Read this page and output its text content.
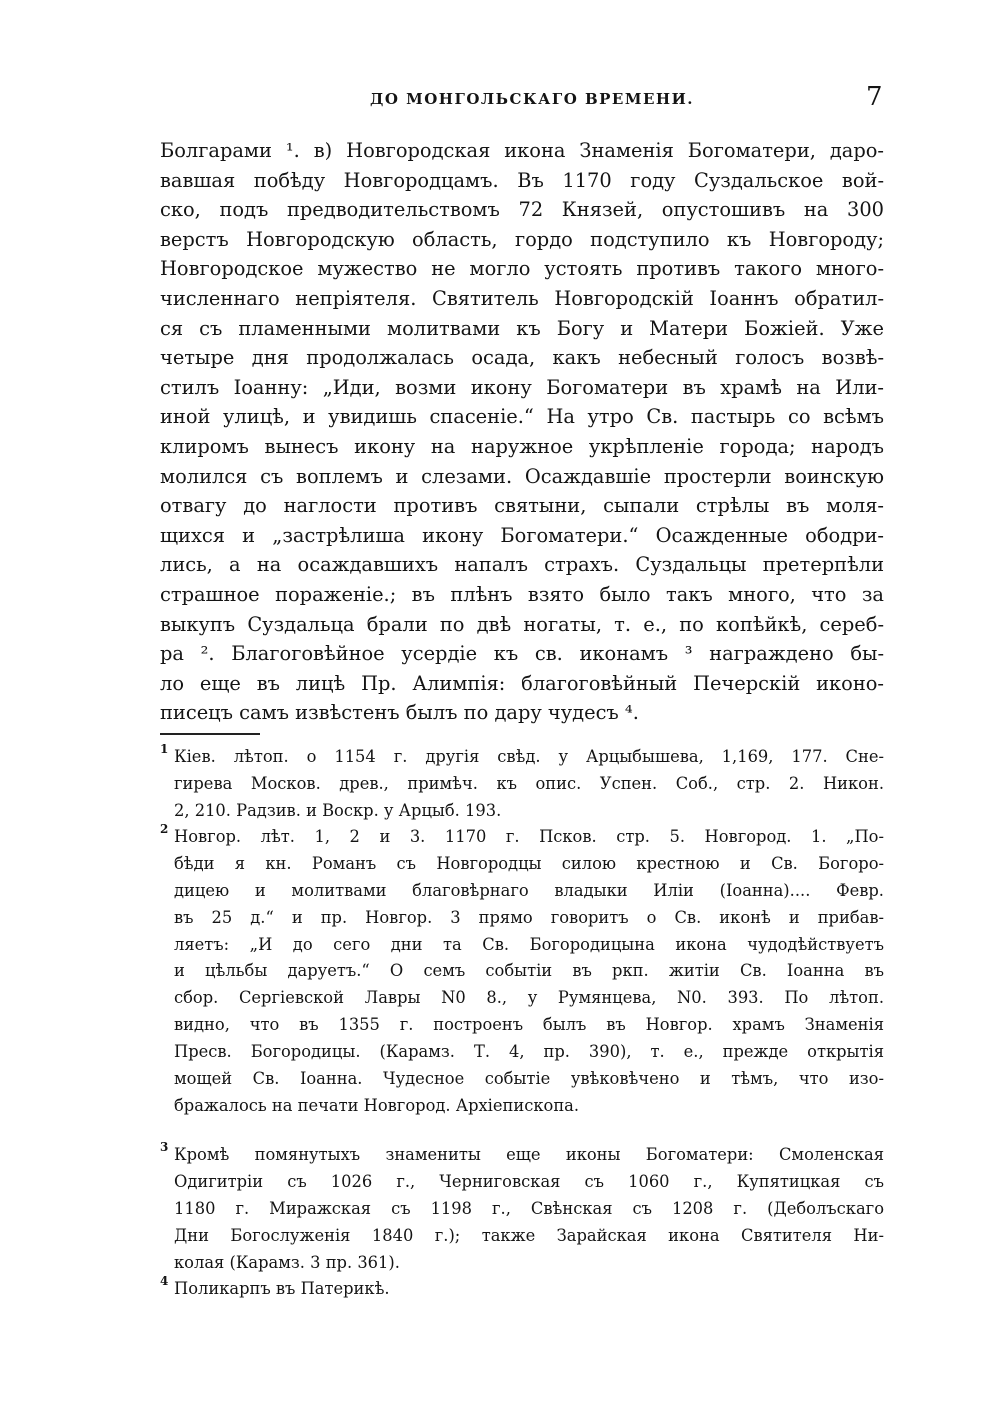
ДО МОНГОЛЬСКАГО ВРЕМЕНИ.	7
Болгарами ¹. в) Новгородская икона Знаменія Богоматери, даро-
вавшая побѣду Новгородцамъ. Въ 1170 году Суздальское вой-
ско, подъ предводительствомъ 72 Князей, опустошивъ на 300
верстъ Новгородскую область, гордо подступило къ Новгороду;
Новгородское мужество не могло устоять противъ такого много-
численнаго непріятеля. Святитель Новгородскій Іоаннъ обратил-
ся съ пламенными молитвами къ Богу и Матери Божіей. Уже
четыре дня продолжалась осада, какъ небесный голосъ возвѣ-
стилъ Іоанну: „Иди, возми икону Богоматери въ храмѣ на Или-
иной улицѣ, и увидишь спасеніе.“ На утро Св. пастырь со всѣмъ
клиромъ вынесъ икону на наружное укрѣпленіе города; народъ
молился съ воплемъ и слезами. Осаждавшіе простерли воинскую
отвагу до наглости противъ святыни, сыпали стрѣлы въ моля-
щихся и „застрѣлиша икону Богоматери.“ Осажденные ободри-
лись, а на осаждавшихъ напалъ страхъ. Суздальцы претерпѣли
страшное пораженіе.; въ плѣнъ взято было такъ много, что за
выкупъ Суздальца брали по двѣ ногаты, т. е., по копѣйкѣ, сереб-
ра ². Благоговѣйное усердіе къ св. иконамъ ³ награждено бы-
ло еще въ лицѣ Пр. Алимпія: благоговѣйный Печерскій иконо-
писецъ самъ извѣстенъ былъ по дару чудесъ ⁴.
1 Кіев. лѣтоп. о 1154 г. другія свѣд. у Арцыбышева, 1,169, 177. Сне-
гирева Москов. древ., примѣч. къ опис. Успен. Соб., стр. 2. Никон.
2, 210. Радзив. и Воскр. у Арцыб. 193.
2 Новгор. лѣт. 1, 2 и 3. 1170 г. Псков. стр. 5. Новгород. 1. „По-
бѣди я кн. Романъ съ Новгородцы силою крестною и Св. Богоро-
дицею и молитвами благовѣрнаго владыки Иліи (Іоанна).... Февр.
въ 25 д.“ и пр. Новгор. 3 прямо говоритъ о Св. иконѣ и прибав-
ляетъ: „И до сего дни та Св. Богородицына икона чудодѣйствуетъ
и цѣльбы даруетъ.“ О семъ событіи въ ркп. житіи Св. Іоанна въ
сбор. Сергіевской Лавры N0 8., у Румянцева, N0. 393. По лѣтоп.
видно, что въ 1355 г. построенъ былъ въ Новгор. храмъ Знаменія
Пресв. Богородицы. (Карамз. Т. 4, пр. 390), т. е., прежде открытія
мощей Св. Іоанна. Чудесное событіе увѣковѣчено и тѣмъ, что изо-
бражалось на печати Новгород. Архіепископа.
3 Кромѣ помянутыхъ знамениты еще иконы Богоматери: Смоленская
Одигитріи съ 1026 г., Черниговская съ 1060 г., Купятицкая съ
1180 г. Миражская съ 1198 г., Свѣнская съ 1208 г. (Деболъскаго
Дни Богослуженія 1840 г.); также Зарайская икона Святителя Ни-
колая (Карамз. 3 пр. 361).
4 Поликарпъ въ Патерикѣ.
